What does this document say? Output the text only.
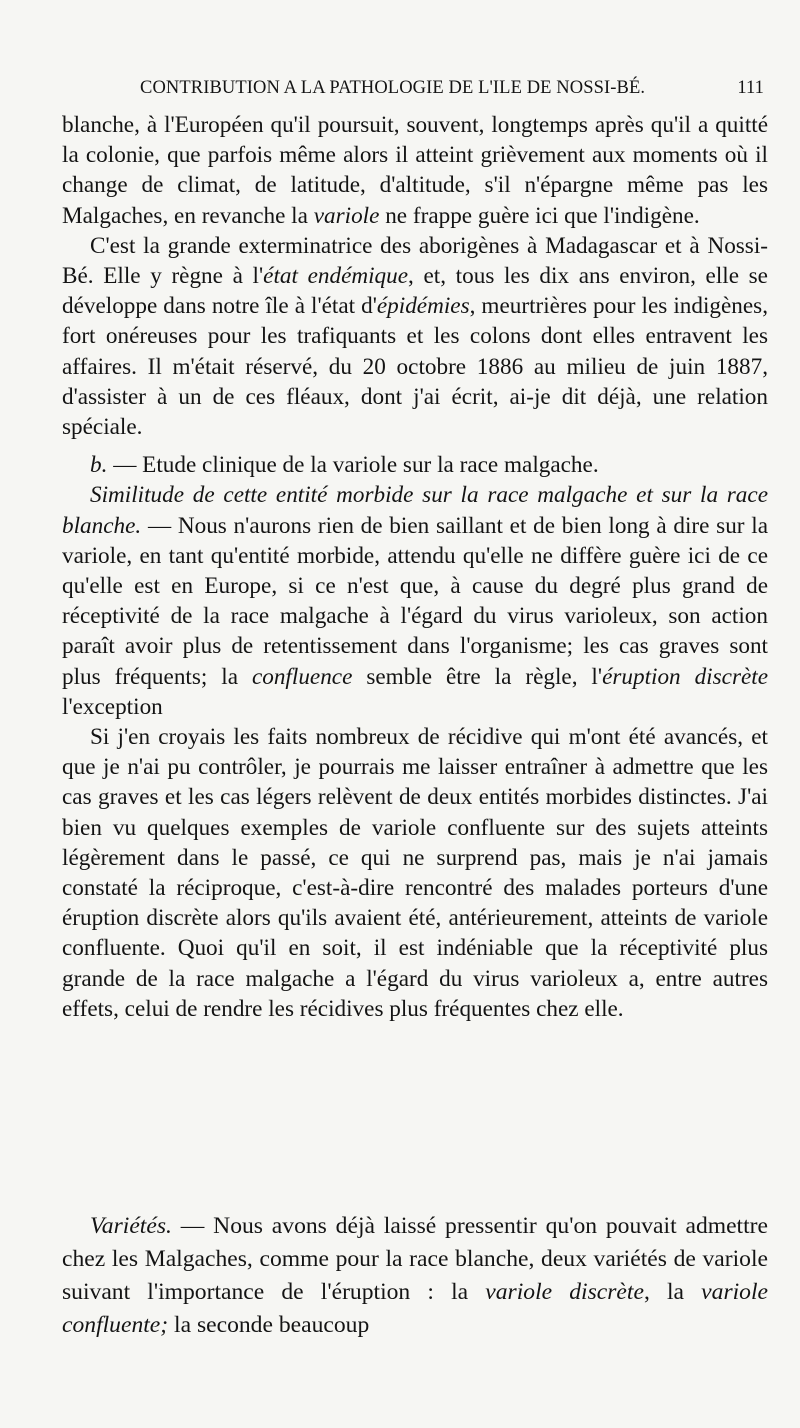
CONTRIBUTION A LA PATHOLOGIE DE L'ILE DE NOSSI-BÉ.	111

blanche, à l'Européen qu'il poursuit, souvent, longtemps après qu'il a quitté la colonie, que parfois même alors il atteint grièvement aux moments où il change de climat, de latitude, d'altitude, s'il n'épargne même pas les Malgaches, en revanche la variole ne frappe guère ici que l'indigène.

C'est la grande exterminatrice des aborigènes à Madagascar et à Nossi-Bé. Elle y règne à l'état endémique, et, tous les dix ans environ, elle se développe dans notre île à l'état d'épidémies, meurtrières pour les indigènes, fort onéreuses pour les trafiquants et les colons dont elles entravent les affaires. Il m'était réservé, du 20 octobre 1886 au milieu de juin 1887, d'assister à un de ces fléaux, dont j'ai écrit, ai-je dit déjà, une relation spéciale.

b. — Etude clinique de la variole sur la race malgache.

Similitude de cette entité morbide sur la race malgache et sur la race blanche. — Nous n'aurons rien de bien saillant et de bien long à dire sur la variole, en tant qu'entité morbide, attendu qu'elle ne diffère guère ici de ce qu'elle est en Europe, si ce n'est que, à cause du degré plus grand de réceptivité de la race malgache à l'égard du virus varioleux, son action paraît avoir plus de retentissement dans l'organisme; les cas graves sont plus fréquents; la confluence semble être la règle, l'éruption discrète l'exception

Si j'en croyais les faits nombreux de récidive qui m'ont été avancés, et que je n'ai pu contrôler, je pourrais me laisser entraîner à admettre que les cas graves et les cas légers relèvent de deux entités morbides distinctes. J'ai bien vu quelques exemples de variole confluente sur des sujets atteints légèrement dans le passé, ce qui ne surprend pas, mais je n'ai jamais constaté la réciproque, c'est-à-dire rencontré des malades porteurs d'une éruption discrète alors qu'ils avaient été, antérieurement, atteints de variole confluente. Quoi qu'il en soit, il est indéniable que la réceptivité plus grande de la race malgache a l'égard du virus varioleux a, entre autres effets, celui de rendre les récidives plus fréquentes chez elle.

Variétés. — Nous avons déjà laissé pressentir qu'on pouvait admettre chez les Malgaches, comme pour la race blanche, deux variétés de variole suivant l'importance de l'éruption : la variole discrète, la variole confluente; la seconde beaucoup
